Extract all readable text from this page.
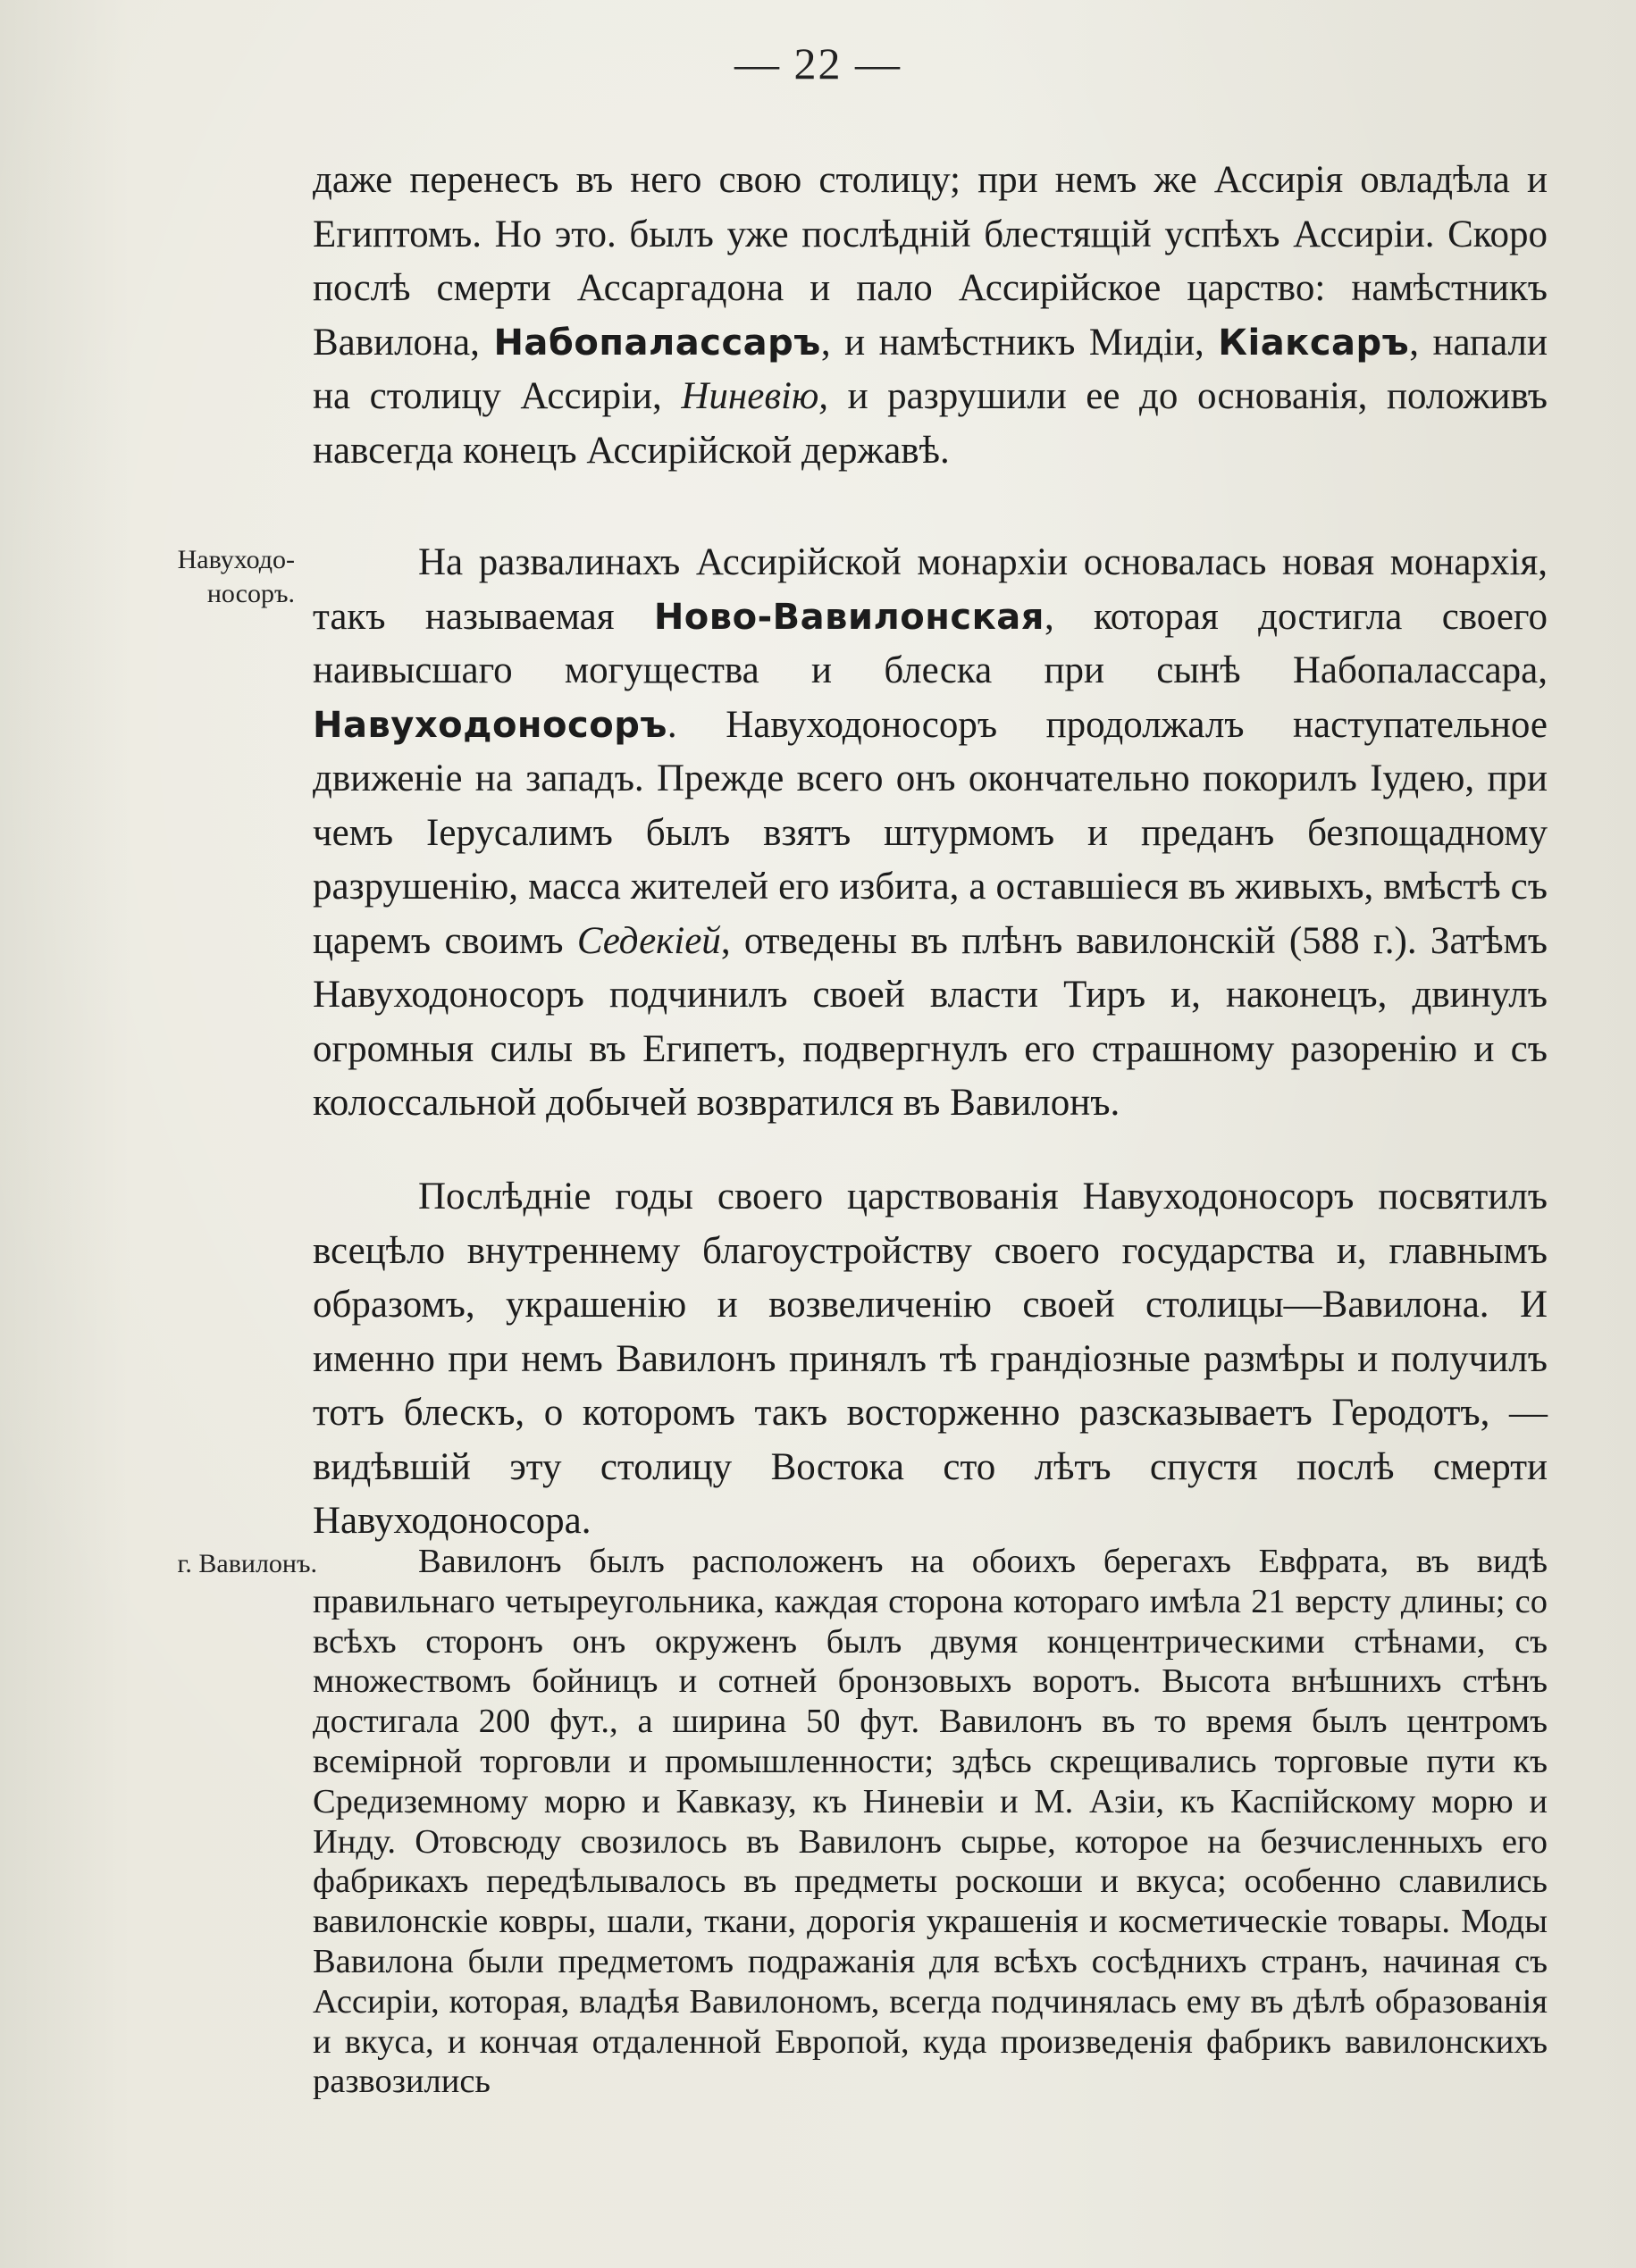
— 22 —

даже перенесъ въ него свою столицу; при немъ же Ассирія овладѣла и Египтомъ. Но это. былъ уже послѣдній блестящій успѣхъ Ассиріи. Скоро послѣ смерти Ассаргадона и пало Ассирійское царство: намѣстникъ Вавилона, Набопаласcаръ, и намѣстникъ Мидіи, Кіаксаръ, напали на столицу Ассиріи, Ниневію, и разрушили ее до основанія, положивъ навсегда конецъ Ассирійской державѣ.

Навуходо-
носоръ.

На развалинахъ Ассирійской монархіи основалась новая монархія, такъ называемая Ново-Вавилонская, которая достигла своего наивысшаго могущества и блеска при сынѣ Набопаласcара, Навуходоносоръ. Навуходоносоръ продолжалъ наступательное движеніе на западъ. Прежде всего онъ окончательно покорилъ Іудею, при чемъ Іерусалимъ былъ взятъ штурмомъ и преданъ безпощадному разрушенію, масса жителей его избита, а оставшіеся въ живыхъ, вмѣстѣ съ царемъ своимъ Седекіей, отведены въ плѣнъ вавилонскій (588 г.). Затѣмъ Навуходоносоръ подчинилъ своей власти Тиръ и, наконецъ, двинулъ огромныя силы въ Египетъ, подвергнулъ его страшному разоренію и съ колоссальной добычей возвратился въ Вавилонъ.

Послѣдніе годы своего царствованія Навуходоносоръ посвятилъ всецѣло внутреннему благоустройству своего государства и, главнымъ образомъ, украшенію и возвеличенію своей столицы—Вавилона. И именно при немъ Вавилонъ принялъ тѣ грандіозные размѣры и получилъ тотъ блескъ, о которомъ такъ восторженно разсказываетъ Геродотъ, — видѣвшій эту столицу Востока сто лѣтъ спустя послѣ смерти Навуходоносора.

г. Вавилонъ.	Вавилонъ былъ расположенъ на обоихъ берегахъ Евфрата, въ видѣ правильнаго четыреугольника, каждая сторона котораго имѣла 21 версту длины; со всѣхъ сторонъ онъ окруженъ былъ двумя концентрическими стѣнами, съ множествомъ бойницъ и сотней бронзовыхъ воротъ. Высота внѣшнихъ стѣнъ достигала 200 фут., а ширина 50 фут. Вавилонъ въ то время былъ центромъ всемірной торговли и промышленности; здѣсь скрещивались торговые пути къ Средиземному морю и Кавказу, къ Ниневіи и М. Азіи, къ Каспійскому морю и Инду. Отовсюду свозилось въ Вавилонъ сырье, которое на безчисленныхъ его фабрикахъ передѣлывалось въ предметы роскоши и вкуса; особенно славились вавилонскіе ковры, шали, ткани, дорогія украшенія и косметическіе товары. Моды Вавилона были предметомъ подражанія для всѣхъ сосѣднихъ странъ, начиная съ Ассиріи, которая, владѣя Вавилономъ, всегда подчинялась ему въ дѣлѣ образованія и вкуса, и кончая отдаленной Европой, куда произведенія фабрикъ вавилонскихъ развозились
